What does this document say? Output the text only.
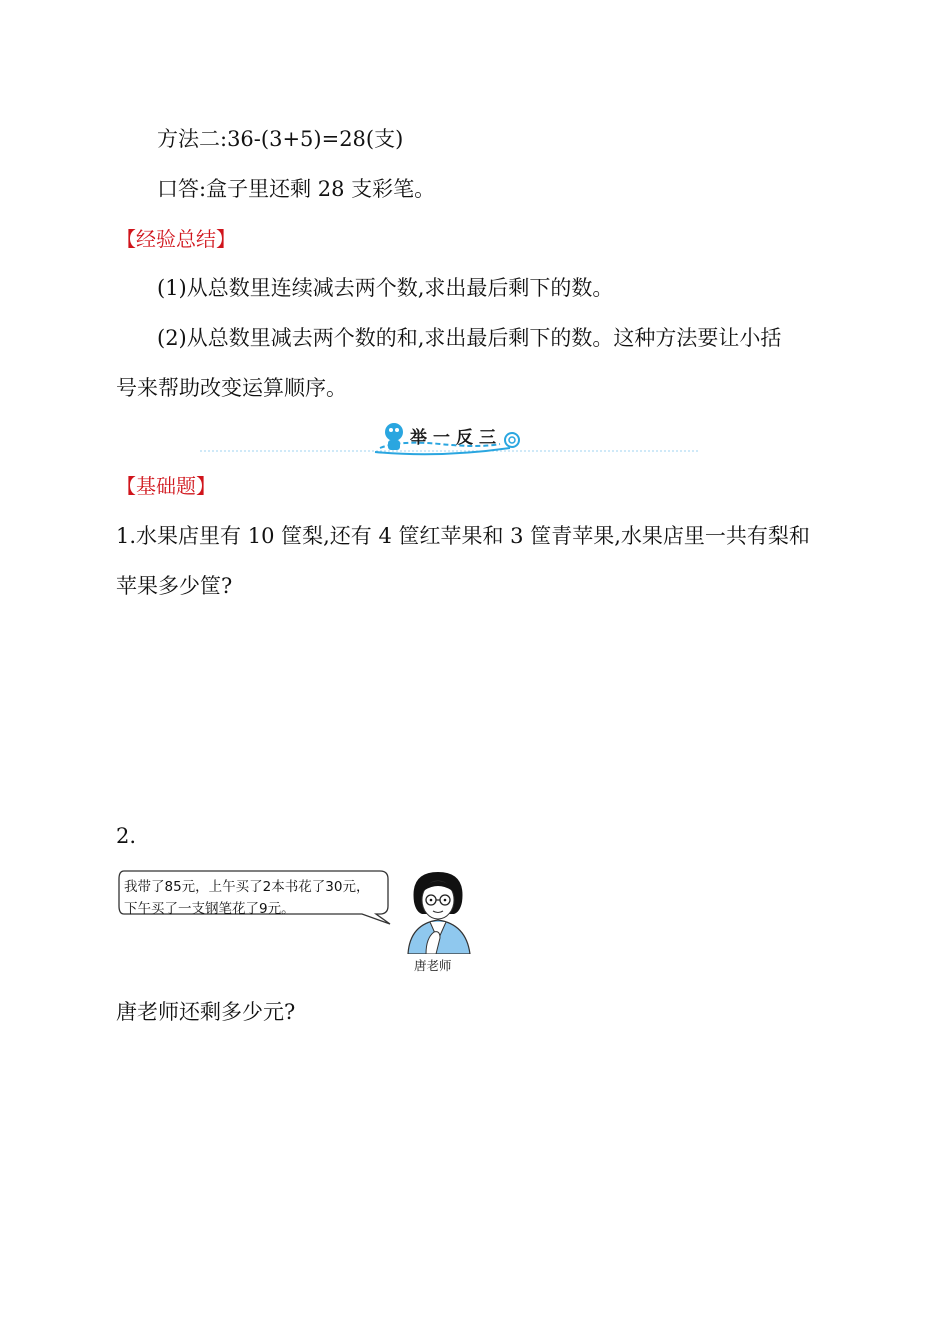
方法二:36-(3+5)=28(支)
口答:盒子里还剩 28 支彩笔。
【经验总结】
(1)从总数里连续减去两个数,求出最后剩下的数。
(2)从总数里减去两个数的和,求出最后剩下的数。这种方法要让小括
号来帮助改变运算顺序。
举一反三
【基础题】
1.水果店里有 10 筐梨,还有 4 筐红苹果和 3 筐青苹果,水果店里一共有梨和
苹果多少筐?
2.
我带了85元，上午买了2本书花了30元，
下午买了一支钢笔花了9元。
唐老师
唐老师还剩多少元?
